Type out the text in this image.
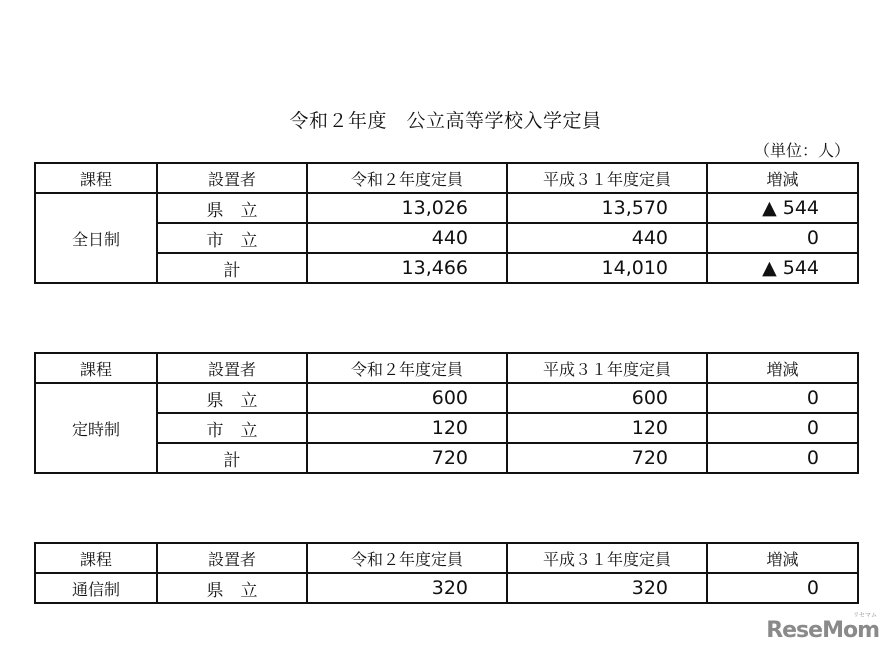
令和２年度　公立高等学校入学定員
（単位：人）
課程	設置者	令和２年度定員	平成３１年度定員	増減
全日制	県　立	13,026	13,570	▲ 544
	市　立	440	440	0
	計	13,466	14,010	▲ 544
課程	設置者	令和２年度定員	平成３１年度定員	増減
定時制	県　立	600	600	0
	市　立	120	120	0
	計	720	720	0
課程	設置者	令和２年度定員	平成３１年度定員	増減
通信制	県　立	320	320	0
リセマム
ReseMom
